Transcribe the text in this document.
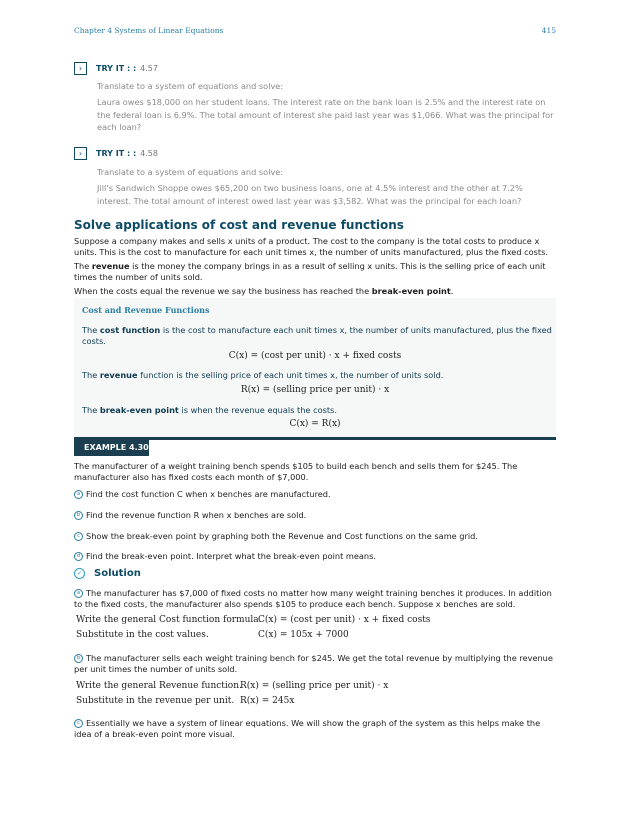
Chapter 4 Systems of Linear Equations	415
›	TRY IT : : 4.57
Translate to a system of equations and solve:
Laura owes $18,000 on her student loans. The interest rate on the bank loan is 2.5% and the interest rate on the federal loan is 6.9%. The total amount of interest she paid last year was $1,066. What was the principal for each loan?
›	TRY IT : : 4.58
Translate to a system of equations and solve:
Jill’s Sandwich Shoppe owes $65,200 on two business loans, one at 4.5% interest and the other at 7.2% interest. The total amount of interest owed last year was $3,582. What was the principal for each loan?
Solve applications of cost and revenue functions
Suppose a company makes and sells x units of a product. The cost to the company is the total costs to produce x units. This is the cost to manufacture for each unit times x, the number of units manufactured, plus the fixed costs.
The revenue is the money the company brings in as a result of selling x units. This is the selling price of each unit times the number of units sold.
When the costs equal the revenue we say the business has reached the break-even point.
Cost and Revenue Functions
The cost function is the cost to manufacture each unit times x, the number of units manufactured, plus the fixed costs.
C(x) = (cost per unit) · x + fixed costs
The revenue function is the selling price of each unit times x, the number of units sold.
R(x) = (selling price per unit) · x
The break-even point is when the revenue equals the costs.
C(x) = R(x)
EXAMPLE 4.30
The manufacturer of a weight training bench spends $105 to build each bench and sells them for $245. The manufacturer also has fixed costs each month of $7,000.
a Find the cost function C when x benches are manufactured.
b Find the revenue function R when x benches are sold.
c Show the break-even point by graphing both the Revenue and Cost functions on the same grid.
d Find the break-even point. Interpret what the break-even point means.
✓ Solution
a The manufacturer has $7,000 of fixed costs no matter how many weight training benches it produces. In addition to the fixed costs, the manufacturer also spends $105 to produce each bench. Suppose x benches are sold.
Write the general Cost function formula.
C(x) = (cost per unit) · x + fixed costs
Substitute in the cost values.	C(x) = 105x + 7000
b The manufacturer sells each weight training bench for $245. We get the total revenue by multiplying the revenue per unit times the number of units sold.
Write the general Revenue function.
R(x) = (selling price per unit) · x
Substitute in the revenue per unit. R(x) = 245x
c Essentially we have a system of linear equations. We will show the graph of the system as this helps make the idea of a break-even point more visual.
